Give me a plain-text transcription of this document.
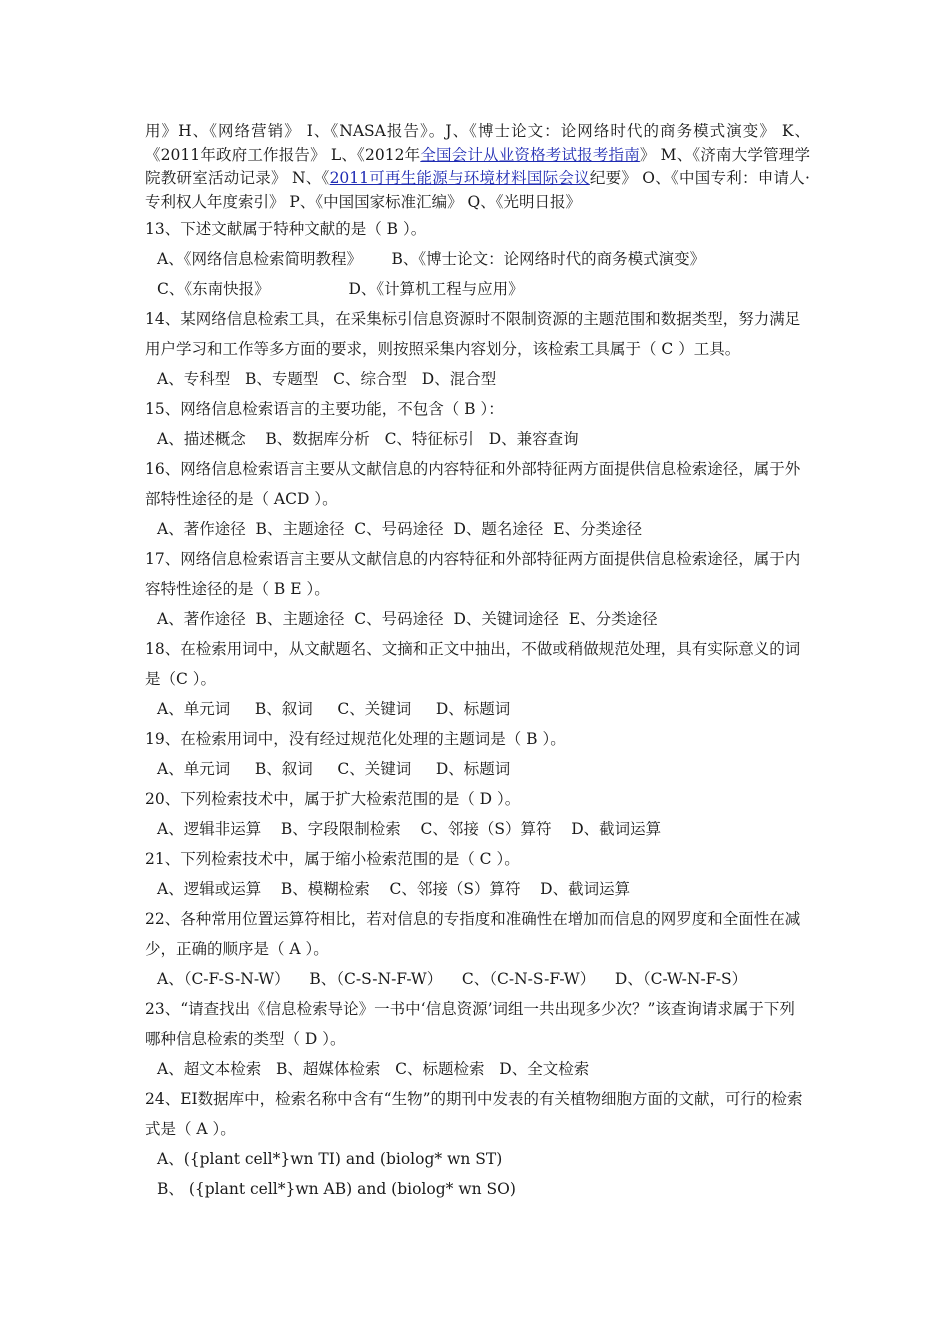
用》H、《网络营销》 I、《NASA报告》。J、《博士论文：论网络时代的商务模式演变》 K、《2011年政府工作报告》 L、《2012年全国会计从业资格考试报考指南》 M、《济南大学管理学院教研室活动记录》 N、《2011可再生能源与环境材料国际会议纪要》 O、《中国专利：申请人·专利权人年度索引》 P、《中国国家标准汇编》 Q、《光明日报》

13、下述文献属于特种文献的是（ B ）。

A、《网络信息检索简明教程》      B、《博士论文：论网络时代的商务模式演变》

C、《东南快报》                D、《计算机工程与应用》

14、某网络信息检索工具，在采集标引信息资源时不限制资源的主题范围和数据类型，努力满足用户学习和工作等多方面的要求，则按照采集内容划分，该检索工具属于（ C ）工具。

A、专科型   B、专题型   C、综合型   D、混合型

15、网络信息检索语言的主要功能，不包含（ B ）：

A、描述概念    B、数据库分析   C、特征标引   D、兼容查询

16、网络信息检索语言主要从文献信息的内容特征和外部特征两方面提供信息检索途径，属于外部特性途径的是（ ACD ）。

A、著作途径  B、主题途径  C、号码途径  D、题名途径  E、分类途径

17、网络信息检索语言主要从文献信息的内容特征和外部特征两方面提供信息检索途径，属于内容特性途径的是（ B E ）。

A、著作途径  B、主题途径  C、号码途径  D、关键词途径  E、分类途径

18、在检索用词中，从文献题名、文摘和正文中抽出，不做或稍做规范处理，具有实际意义的词是（C ）。

A、单元词     B、叙词     C、关键词     D、标题词

19、在检索用词中，没有经过规范化处理的主题词是（ B ）。

A、单元词     B、叙词     C、关键词     D、标题词

20、下列检索技术中，属于扩大检索范围的是（ D ）。

A、逻辑非运算    B、字段限制检索    C、邻接（S）算符    D、截词运算

21、下列检索技术中，属于缩小检索范围的是（ C ）。

A、逻辑或运算    B、模糊检索    C、邻接（S）算符    D、截词运算

22、各种常用位置运算符相比，若对信息的专指度和准确性在增加而信息的网罗度和全面性在减少，正确的顺序是（ A ）。

A、（C-F-S-N-W）    B、（C-S-N-F-W）    C、（C-N-S-F-W）    D、（C-W-N-F-S）

23、“请查找出《信息检索导论》一书中‘信息资源’词组一共出现多少次？”该查询请求属于下列哪种信息检索的类型（ D ）。

A、超文本检索   B、超媒体检索   C、标题检索   D、全文检索

24、EI数据库中，检索名称中含有“生物”的期刊中发表的有关植物细胞方面的文献，可行的检索式是（ A ）。

A、({plant cell*}wn TI) and (biolog* wn ST)

B、 ({plant cell*}wn AB) and (biolog* wn SO)
